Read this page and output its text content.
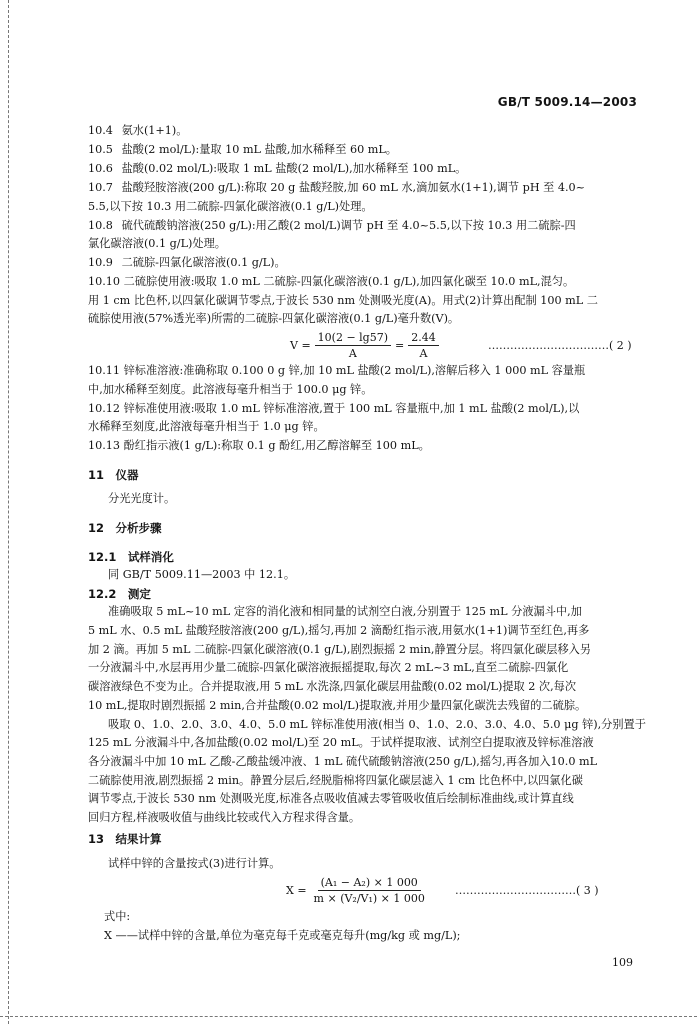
GB/T 5009.14—2003
10.4 氨水(1+1)。
10.5 盐酸(2 mol/L):量取 10 mL 盐酸,加水稀释至 60 mL。
10.6 盐酸(0.02 mol/L):吸取 1 mL 盐酸(2 mol/L),加水稀释至 100 mL。
10.7 盐酸羟胺溶液(200 g/L):称取 20 g 盐酸羟胺,加 60 mL 水,滴加氨水(1+1),调节 pH 至 4.0~
5.5,以下按 10.3 用二硫腙-四氯化碳溶液(0.1 g/L)处理。
10.8 硫代硫酸钠溶液(250 g/L):用乙酸(2 mol/L)调节 pH 至 4.0~5.5,以下按 10.3 用二硫腙-四
氯化碳溶液(0.1 g/L)处理。
10.9 二硫腙-四氯化碳溶液(0.1 g/L)。
10.10 二硫腙使用液:吸取 1.0 mL 二硫腙-四氯化碳溶液(0.1 g/L),加四氯化碳至 10.0 mL,混匀。
用 1 cm 比色杯,以四氯化碳调节零点,于波长 530 nm 处测吸光度(A)。用式(2)计算出配制 100 mL 二
硫腙使用液(57%透光率)所需的二硫腙-四氯化碳溶液(0.1 g/L)毫升数(V)。
$V = \frac{10(2 - \lg 57)}{A} = \frac{2.44}{A}$	……………………………( 2 )
10.11 锌标准溶液:准确称取 0.100 0 g 锌,加 10 mL 盐酸(2 mol/L),溶解后移入 1 000 mL 容量瓶
中,加水稀释至刻度。此溶液每毫升相当于 100.0 μg 锌。
10.12 锌标准使用液:吸取 1.0 mL 锌标准溶液,置于 100 mL 容量瓶中,加 1 mL 盐酸(2 mol/L),以
水稀释至刻度,此溶液每毫升相当于 1.0 μg 锌。
10.13 酚红指示液(1 g/L):称取 0.1 g 酚红,用乙醇溶解至 100 mL。
11　仪器
分光光度计。
12　分析步骤
12.1　试样消化
同 GB/T 5009.11—2003 中 12.1。
12.2　测定
准确吸取 5 mL~10 mL 定容的消化液和相同量的试剂空白液,分别置于 125 mL 分液漏斗中,加
5 mL 水、0.5 mL 盐酸羟胺溶液(200 g/L),摇匀,再加 2 滴酚红指示液,用氨水(1+1)调节至红色,再多
加 2 滴。再加 5 mL 二硫腙-四氯化碳溶液(0.1 g/L),剧烈振摇 2 min,静置分层。将四氯化碳层移入另
一分液漏斗中,水层再用少量二硫腙-四氯化碳溶液振摇提取,每次 2 mL~3 mL,直至二硫腙-四氯化
碳溶液绿色不变为止。合并提取液,用 5 mL 水洗涤,四氯化碳层用盐酸(0.02 mol/L)提取 2 次,每次
10 mL,提取时剧烈振摇 2 min,合并盐酸(0.02 mol/L)提取液,并用少量四氯化碳洗去残留的二硫腙。
吸取 0、1.0、2.0、3.0、4.0、5.0 mL 锌标准使用液(相当 0、1.0、2.0、3.0、4.0、5.0 μg 锌),分别置于
125 mL 分液漏斗中,各加盐酸(0.02 mol/L)至 20 mL。于试样提取液、试剂空白提取液及锌标准溶液
各分液漏斗中加 10 mL 乙酸-乙酸盐缓冲液、1 mL 硫代硫酸钠溶液(250 g/L),摇匀,再各加入10.0 mL
二硫腙使用液,剧烈振摇 2 min。静置分层后,经脱脂棉将四氯化碳层滤入 1 cm 比色杯中,以四氯化碳
调节零点,于波长 530 nm 处测吸光度,标准各点吸收值减去零管吸收值后绘制标准曲线,或计算直线
回归方程,样液吸收值与曲线比较或代入方程求得含量。
13　结果计算
试样中锌的含量按式(3)进行计算。
$X = \frac{\text{(A₁ − A₂) × 1 000}}{\text{m × (V₂/V₁) × 1 000}}$ ……………………………( 3 )
式中:
X ——试样中锌的含量,单位为毫克每千克或毫克每升(mg/kg 或 mg/L);
109
